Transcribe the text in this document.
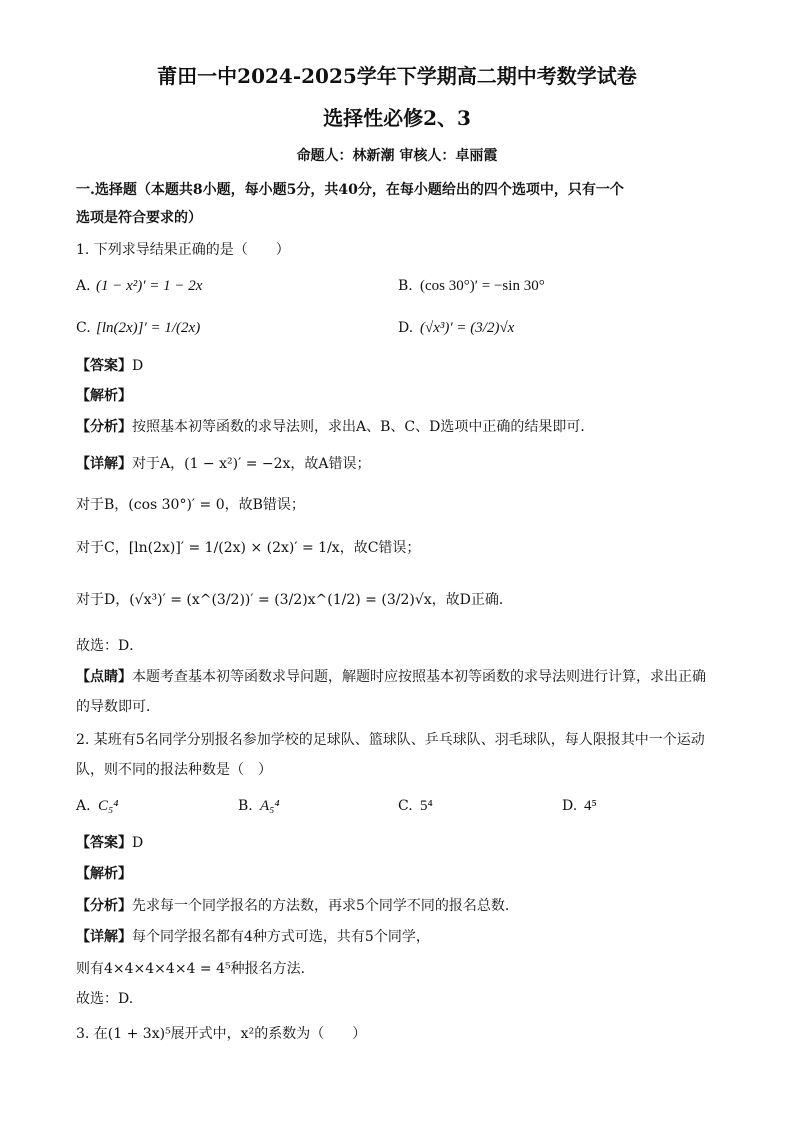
莆田一中2024-2025学年下学期高二期中考数学试卷
选择性必修2、3
命题人：林新潮 审核人：卓丽霞
一.选择题（本题共8小题，每小题5分，共40分，在每小题给出的四个选项中，只有一个
选项是符合要求的）
1. 下列求导结果正确的是（　　）
A. (1 − x²)′ = 1 − 2x	B. (cos 30°)′ = −sin 30°
C. [ln(2x)]′ = 1/(2x)	D. (√x³)′ = (3/2)√x
【答案】D
【解析】
【分析】按照基本初等函数的求导法则，求出A、B、C、D选项中正确的结果即可．
【详解】对于A，(1 − x²)′ = −2x，故A错误；
对于B，(cos 30°)′ = 0，故B错误；
对于C，[ln(2x)]′ = 1/(2x) × (2x)′ = 1/x，故C错误；
对于D，(√x³)′ = (x^(3/2))′ = (3/2)x^(1/2) = (3/2)√x，故D正确．
故选：D．
【点睛】本题考查基本初等函数求导问题，解题时应按照基本初等函数的求导法则进行计算，求出正确
的导数即可．
2. 某班有5名同学分别报名参加学校的足球队、篮球队、乒乓球队、羽毛球队，每人限报其中一个运动
队，则不同的报法种数是（　）
A. C₅⁴	B. A₅⁴	C. 5⁴	D. 4⁵
【答案】D
【解析】
【分析】先求每一个同学报名的方法数，再求5个同学不同的报名总数.
【详解】每个同学报名都有4种方式可选，共有5个同学，
则有4×4×4×4×4 = 4⁵种报名方法.
故选：D.
3. 在(1 + 3x)⁵展开式中，x²的系数为（　　）
